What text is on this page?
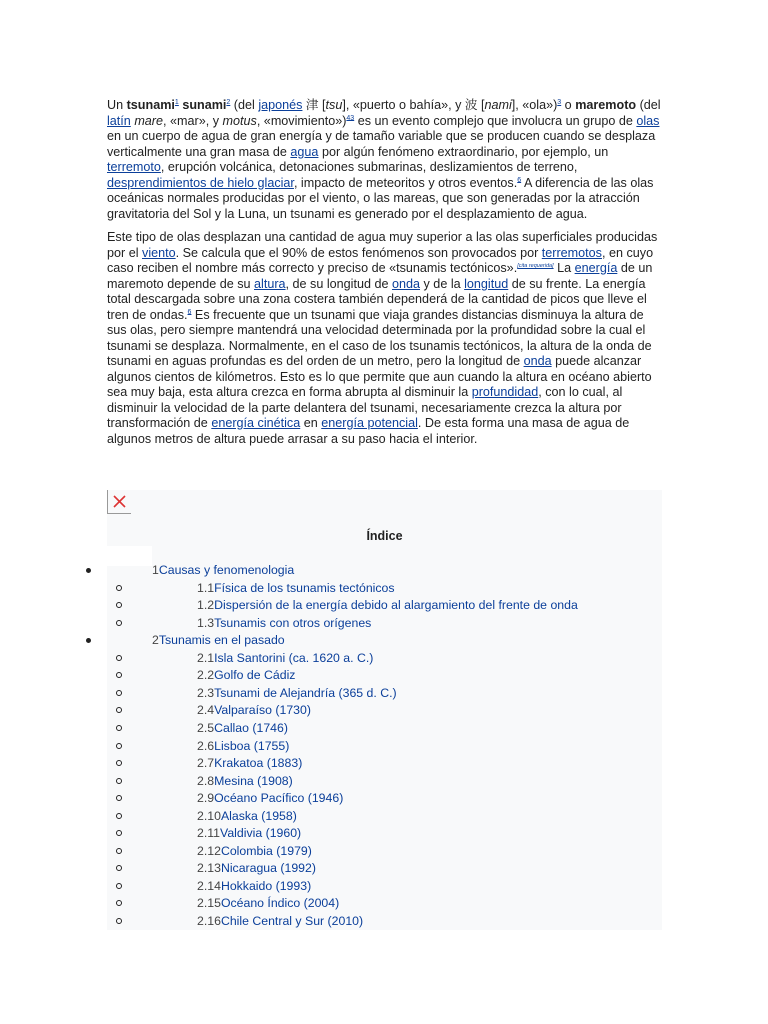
Un tsunami$^1$ sunami$^2$ (del japonés 津 [tsu], «puerto o bahía», y 波 [nami], «ola»)$^3$ o maremoto (del latín mare, «mar», y motus, «movimiento»)$^{43}$ es un evento complejo que involucra un grupo de olas en un cuerpo de agua de gran energía y de tamaño variable que se producen cuando se desplaza verticalmente una gran masa de agua por algún fenómeno extraordinario, por ejemplo, un terremoto, erupción volcánica, detonaciones submarinas, deslizamientos de terreno, desprendimientos de hielo glaciar, impacto de meteoritos y otros eventos.$^6$ A diferencia de las olas oceánicas normales producidas por el viento, o las mareas, que son generadas por la atracción gravitatoria del Sol y la Luna, un tsunami es generado por el desplazamiento de agua.

Este tipo de olas desplazan una cantidad de agua muy superior a las olas superficiales producidas por el viento. Se calcula que el 90% de estos fenómenos son provocados por terremotos, en cuyo caso reciben el nombre más correcto y preciso de «tsunamis tectónicos».[cita requerida] La energía de un maremoto depende de su altura, de su longitud de onda y de la longitud de su frente. La energía total descargada sobre una zona costera también dependerá de la cantidad de picos que lleve el tren de ondas.$^6$ Es frecuente que un tsunami que viaja grandes distancias disminuya la altura de sus olas, pero siempre mantendrá una velocidad determinada por la profundidad sobre la cual el tsunami se desplaza. Normalmente, en el caso de los tsunamis tectónicos, la altura de la onda de tsunami en aguas profundas es del orden de un metro, pero la longitud de onda puede alcanzar algunos cientos de kilómetros. Esto es lo que permite que aun cuando la altura en océano abierto sea muy baja, esta altura crezca en forma abrupta al disminuir la profundidad, con lo cual, al disminuir la velocidad de la parte delantera del tsunami, necesariamente crezca la altura por transformación de energía cinética en energía potencial. De esta forma una masa de agua de algunos metros de altura puede arrasar a su paso hacia el interior.

Índice
1Causas y fenomenologia
1.1Física de los tsunamis tectónicos
1.2Dispersión de la energía debido al alargamiento del frente de onda
1.3Tsunamis con otros orígenes
2Tsunamis en el pasado
2.1Isla Santorini (ca. 1620 a. C.)
2.2Golfo de Cádiz
2.3Tsunami de Alejandría (365 d. C.)
2.4Valparaíso (1730)
2.5Callao (1746)
2.6Lisboa (1755)
2.7Krakatoa (1883)
2.8Mesina (1908)
2.9Océano Pacífico (1946)
2.10Alaska (1958)
2.11Valdivia (1960)
2.12Colombia (1979)
2.13Nicaragua (1992)
2.14Hokkaido (1993)
2.15Océano Índico (2004)
2.16Chile Central y Sur (2010)
